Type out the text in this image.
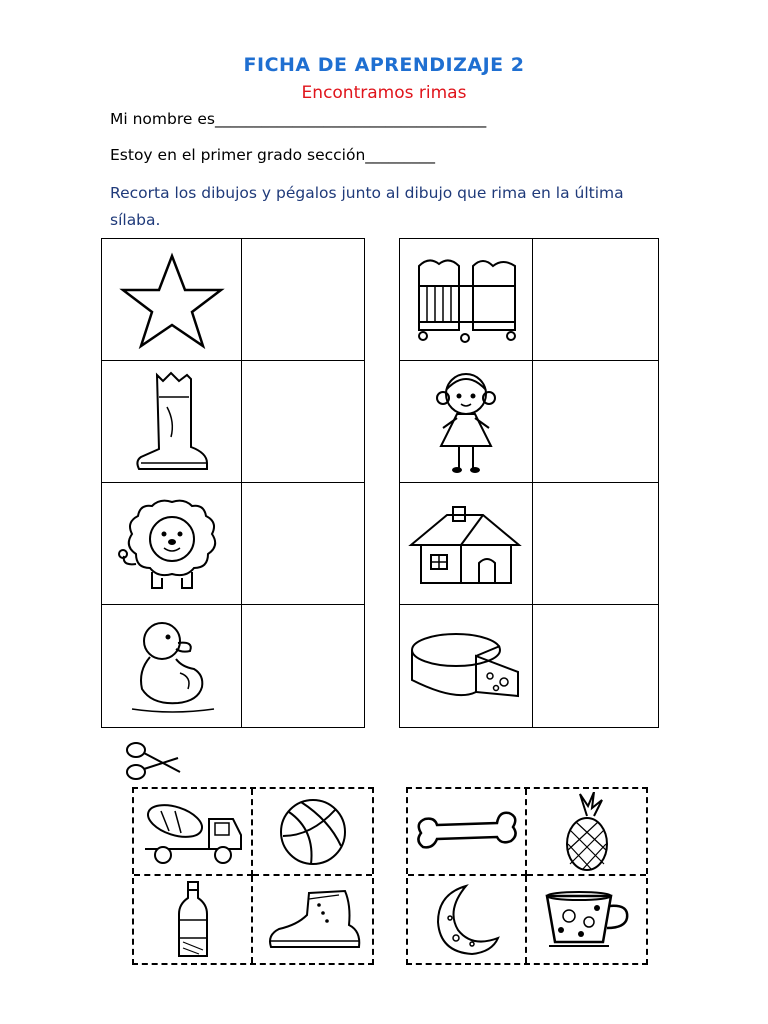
FICHA DE APRENDIZAJE 2
Encontramos rimas
Mi nombre es___________________________________
Estoy en el primer grado sección_________
Recorta los dibujos y pégalos junto al dibujo que rima en la última sílaba.
